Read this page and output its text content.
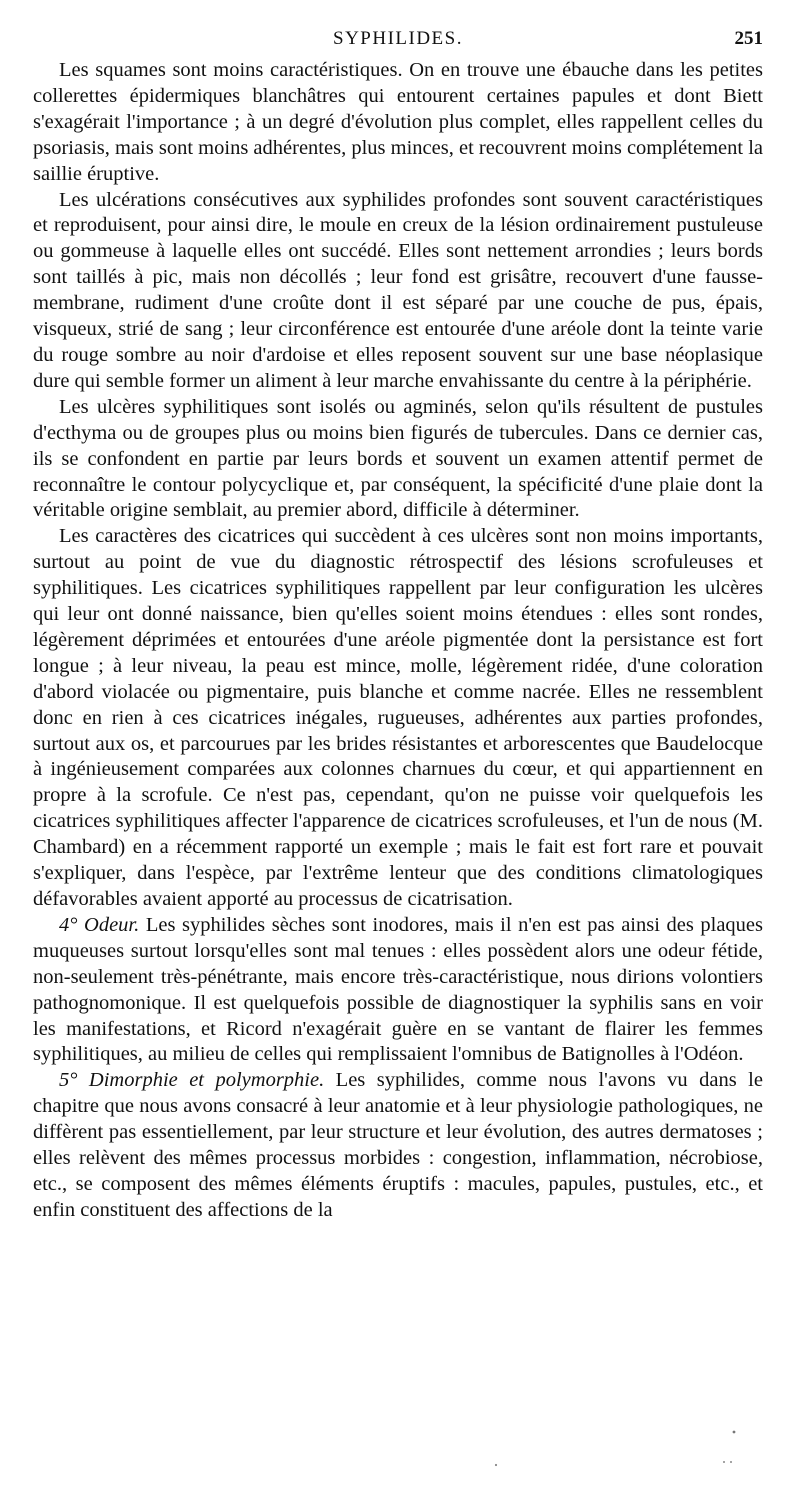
SYPHILIDES.	251

Les squames sont moins caractéristiques. On en trouve une ébauche dans les petites collerettes épidermiques blanchâtres qui entourent certaines papules et dont Biett s'exagérait l'importance ; à un degré d'évolution plus complet, elles rappellent celles du psoriasis, mais sont moins adhérentes, plus minces, et recouvrent moins complétement la saillie éruptive.

Les ulcérations consécutives aux syphilides profondes sont souvent caractéristiques et reproduisent, pour ainsi dire, le moule en creux de la lésion ordinairement pustuleuse ou gommeuse à laquelle elles ont succédé. Elles sont nettement arrondies ; leurs bords sont taillés à pic, mais non décollés ; leur fond est grisâtre, recouvert d'une fausse-membrane, rudiment d'une croûte dont il est séparé par une couche de pus, épais, visqueux, strié de sang ; leur circonférence est entourée d'une aréole dont la teinte varie du rouge sombre au noir d'ardoise et elles reposent souvent sur une base néoplasique dure qui semble former un aliment à leur marche envahissante du centre à la périphérie.

Les ulcères syphilitiques sont isolés ou agminés, selon qu'ils résultent de pustules d'ecthyma ou de groupes plus ou moins bien figurés de tubercules. Dans ce dernier cas, ils se confondent en partie par leurs bords et souvent un examen attentif permet de reconnaître le contour polycyclique et, par conséquent, la spécificité d'une plaie dont la véritable origine semblait, au premier abord, difficile à déterminer.

Les caractères des cicatrices qui succèdent à ces ulcères sont non moins importants, surtout au point de vue du diagnostic rétrospectif des lésions scrofuleuses et syphilitiques. Les cicatrices syphilitiques rappellent par leur configuration les ulcères qui leur ont donné naissance, bien qu'elles soient moins étendues : elles sont rondes, légèrement déprimées et entourées d'une aréole pigmentée dont la persistance est fort longue ; à leur niveau, la peau est mince, molle, légèrement ridée, d'une coloration d'abord violacée ou pigmentaire, puis blanche et comme nacrée. Elles ne ressemblent donc en rien à ces cicatrices inégales, rugueuses, adhérentes aux parties profondes, surtout aux os, et parcourues par les brides résistantes et arborescentes que Baudelocque à ingénieusement comparées aux colonnes charnues du cœur, et qui appartiennent en propre à la scrofule. Ce n'est pas, cependant, qu'on ne puisse voir quelquefois les cicatrices syphilitiques affecter l'apparence de cicatrices scrofuleuses, et l'un de nous (M. Chambard) en a récemment rapporté un exemple ; mais le fait est fort rare et pouvait s'expliquer, dans l'espèce, par l'extrême lenteur que des conditions climatologiques défavorables avaient apporté au processus de cicatrisation.

4° Odeur. Les syphilides sèches sont inodores, mais il n'en est pas ainsi des plaques muqueuses surtout lorsqu'elles sont mal tenues : elles possèdent alors une odeur fétide, non-seulement très-pénétrante, mais encore très-caractéristique, nous dirions volontiers pathognomonique. Il est quelquefois possible de diagnostiquer la syphilis sans en voir les manifestations, et Ricord n'exagérait guère en se vantant de flairer les femmes syphilitiques, au milieu de celles qui remplissaient l'omnibus de Batignolles à l'Odéon.

5° Dimorphie et polymorphie. Les syphilides, comme nous l'avons vu dans le chapitre que nous avons consacré à leur anatomie et à leur physiologie pathologiques, ne diffèrent pas essentiellement, par leur structure et leur évolution, des autres dermatoses ; elles relèvent des mêmes processus morbides : congestion, inflammation, nécrobiose, etc., se composent des mêmes éléments éruptifs : macules, papules, pustules, etc., et enfin constituent des affections de la
